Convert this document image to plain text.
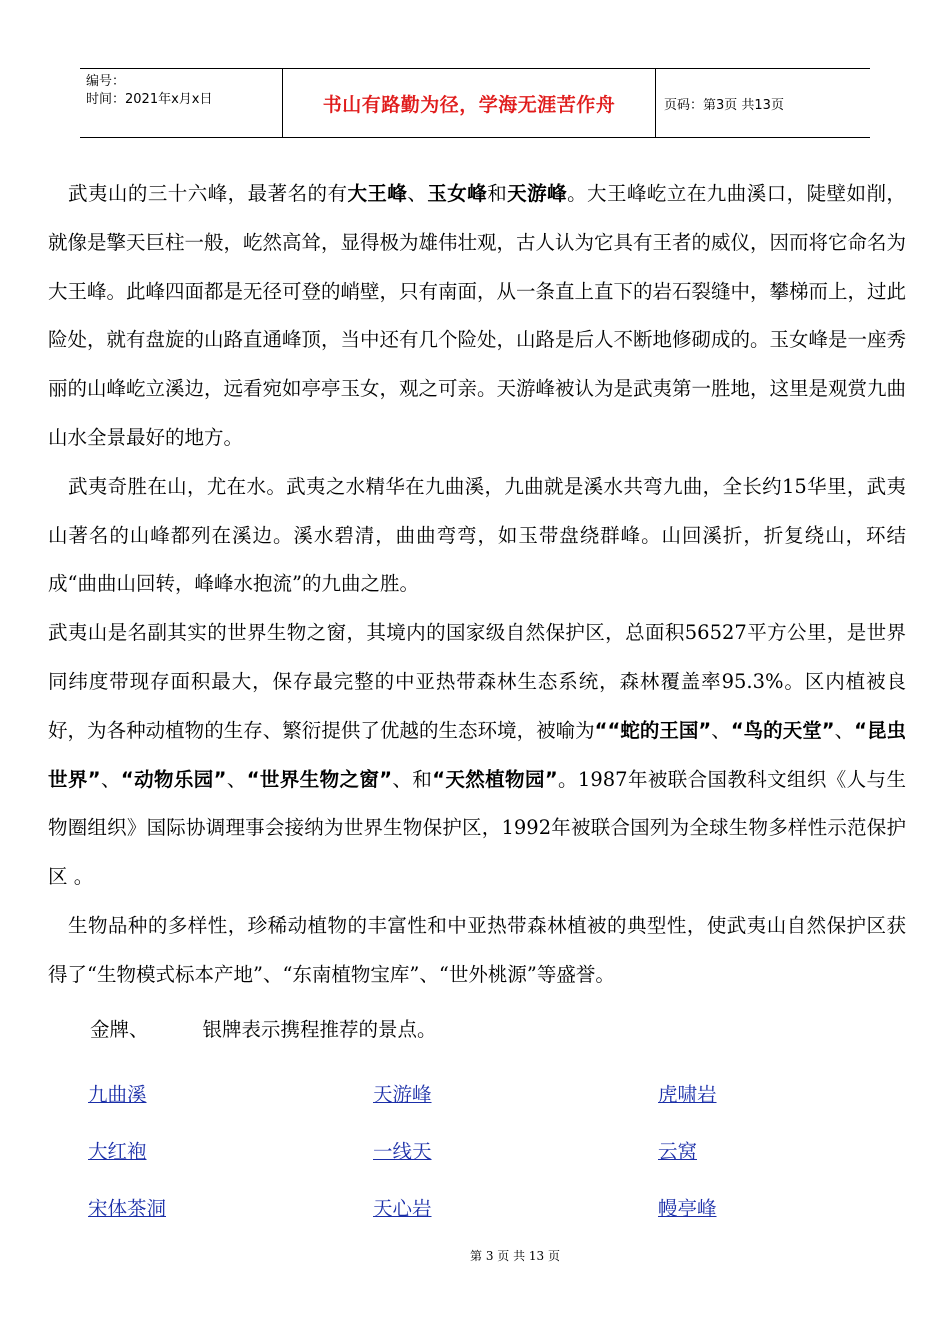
编号：
时间：2021年x月x日	书山有路勤为径，学海无涯苦作舟	页码：第3页 共13页

武夷山的三十六峰，最著名的有大王峰、玉女峰和天游峰。大王峰屹立在九曲溪口，陡壁如削，就像是擎天巨柱一般，屹然高耸，显得极为雄伟壮观，古人认为它具有王者的威仪，因而将它命名为大王峰。此峰四面都是无径可登的峭壁，只有南面，从一条直上直下的岩石裂缝中，攀梯而上，过此险处，就有盘旋的山路直通峰顶，当中还有几个险处，山路是后人不断地修砌成的。玉女峰是一座秀丽的山峰屹立溪边，远看宛如亭亭玉女，观之可亲。天游峰被认为是武夷第一胜地，这里是观赏九曲山水全景最好的地方。

武夷奇胜在山，尤在水。武夷之水精华在九曲溪，九曲就是溪水共弯九曲，全长约15华里，武夷山著名的山峰都列在溪边。溪水碧清，曲曲弯弯，如玉带盘绕群峰。山回溪折，折复绕山，环结成“曲曲山回转，峰峰水抱流”的九曲之胜。

武夷山是名副其实的世界生物之窗，其境内的国家级自然保护区，总面积56527平方公里，是世界同纬度带现存面积最大，保存最完整的中亚热带森林生态系统，森林覆盖率95.3%。区内植被良好，为各种动植物的生存、繁衍提供了优越的生态环境，被喻为““蛇的王国”、“鸟的天堂”、“昆虫世界”、“动物乐园”、“世界生物之窗”、和“天然植物园”。1987年被联合国教科文组织《人与生物圈组织》国际协调理事会接纳为世界生物保护区，1992年被联合国列为全球生物多样性示范保护区 。

生物品种的多样性，珍稀动植物的丰富性和中亚热带森林植被的典型性，使武夷山自然保护区获得了“生物模式标本产地”、“东南植物宝库”、“世外桃源”等盛誉。

金牌、	银牌表示携程推荐的景点。
九曲溪	天游峰	虎啸岩
大红袍	一线天	云窝
宋体茶洞	天心岩	幔亭峰
第 3 页 共 13 页
